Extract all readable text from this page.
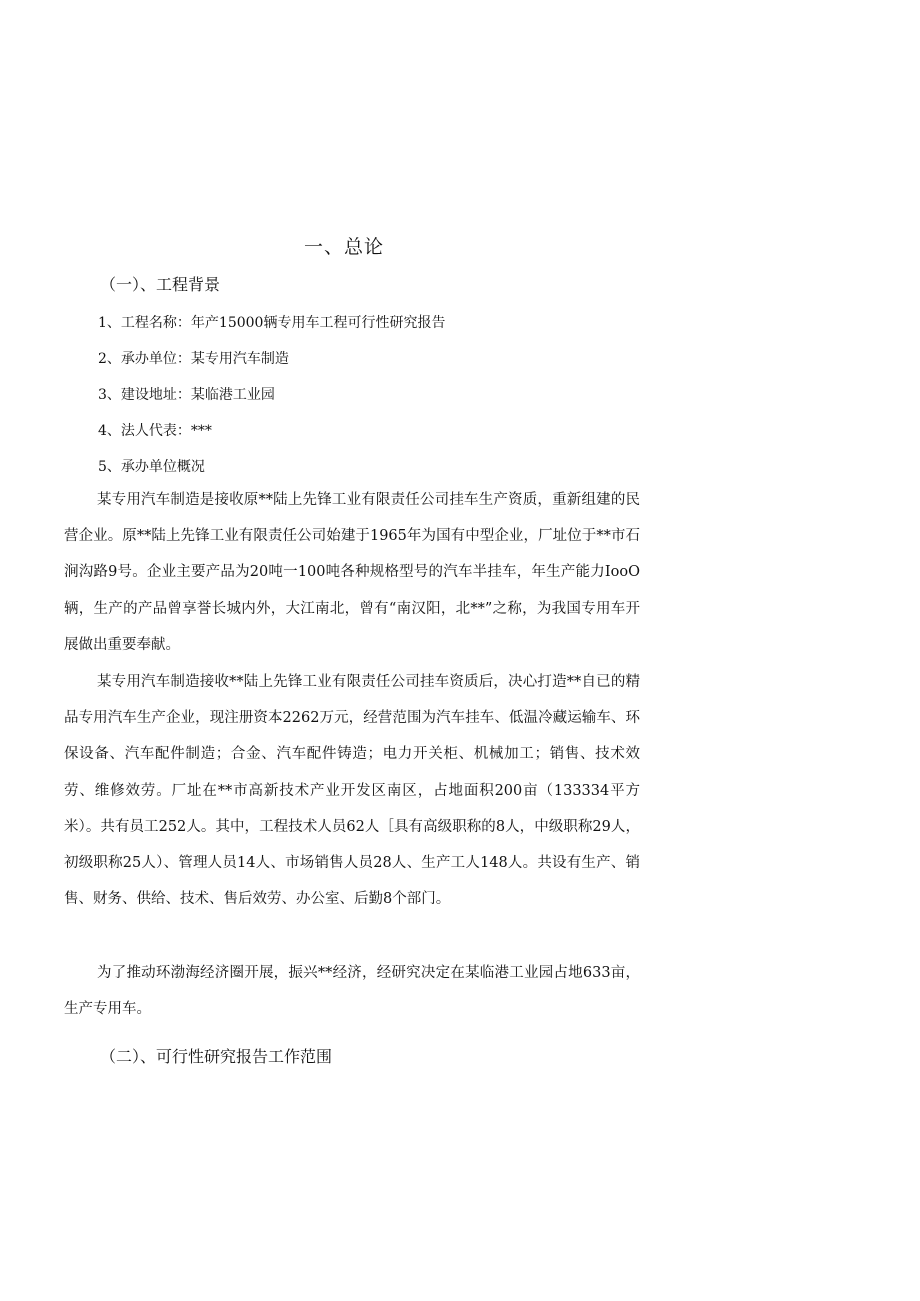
一、总论
（一）、工程背景
1、工程名称：年产15000辆专用车工程可行性研究报告
2、承办单位：某专用汽车制造
3、建设地址：某临港工业园
4、法人代表：***
5、承办单位概况

某专用汽车制造是接收原**陆上先锋工业有限责任公司挂车生产资质，重新组建的民营企业。原**陆上先锋工业有限责任公司始建于1965年为国有中型企业，厂址位于**市石涧沟路9号。企业主要产品为20吨一100吨各种规格型号的汽车半挂车，年生产能力IooO辆，生产的产品曾享誉长城内外，大江南北，曾有“南汉阳，北**”之称，为我国专用车开展做出重要奉献。

某专用汽车制造接收**陆上先锋工业有限责任公司挂车资质后，决心打造**自已的精品专用汽车生产企业，现注册资本2262万元，经营范围为汽车挂车、低温冷藏运输车、环保设备、汽车配件制造；合金、汽车配件铸造；电力开关柜、机械加工；销售、技术效劳、维修效劳。厂址在**市高新技术产业开发区南区，占地面积200亩（133334平方米）。共有员工252人。其中，工程技术人员62人［具有高级职称的8人，中级职称29人，初级职称25人）、管理人员14人、市场销售人员28人、生产工人148人。共设有生产、销售、财务、供给、技术、售后效劳、办公室、后勤8个部门。

为了推动环渤海经济圈开展，振兴**经济，经研究决定在某临港工业园占地633亩，生产专用车。

（二）、可行性研究报告工作范围
